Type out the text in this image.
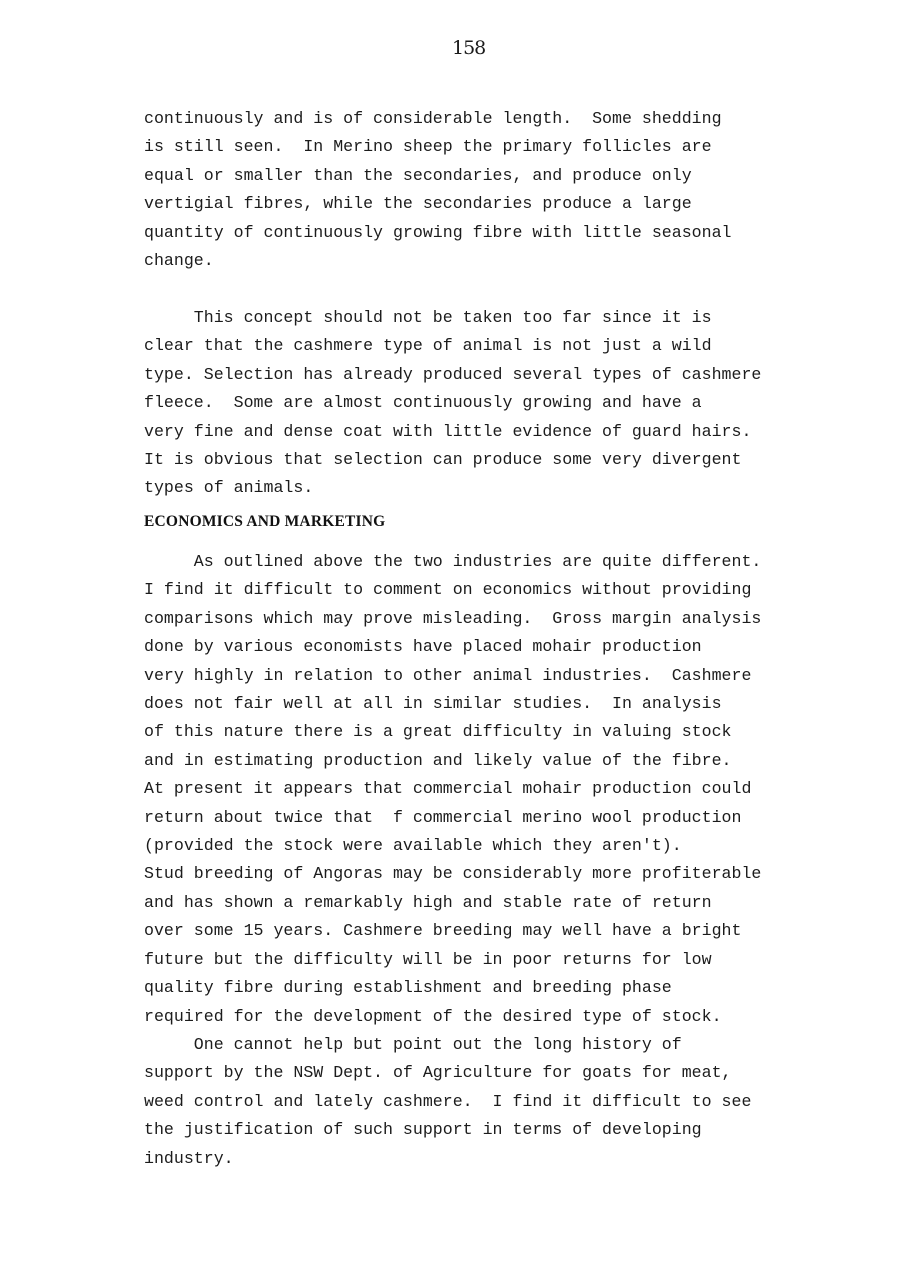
158

continuously and is of considerable length.  Some shedding
is still seen.  In Merino sheep the primary follicles are
equal or smaller than the secondaries, and produce only
vertigial fibres, while the secondaries produce a large
quantity of continuously growing fibre with little seasonal
change.

This concept should not be taken too far since it is
clear that the cashmere type of animal is not just a wild
type. Selection has already produced several types of cashmere
fleece.  Some are almost continuously growing and have a
very fine and dense coat with little evidence of guard hairs.
It is obvious that selection can produce some very divergent
types of animals.

ECONOMICS AND MARKETING

As outlined above the two industries are quite different.
I find it difficult to comment on economics without providing
comparisons which may prove misleading.  Gross margin analysis
done by various economists have placed mohair production
very highly in relation to other animal industries.  Cashmere
does not fair well at all in similar studies.  In analysis
of this nature there is a great difficulty in valuing stock
and in estimating production and likely value of the fibre.
At present it appears that commercial mohair production could
return about twice that  f commercial merino wool production
(provided the stock were available which they aren't).
Stud breeding of Angoras may be considerably more profiterable
and has shown a remarkably high and stable rate of return
over some 15 years. Cashmere breeding may well have a bright
future but the difficulty will be in poor returns for low
quality fibre during establishment and breeding phase
required for the development of the desired type of stock.

One cannot help but point out the long history of
support by the NSW Dept. of Agriculture for goats for meat,
weed control and lately cashmere.  I find it difficult to see
the justification of such support in terms of developing
industry.
